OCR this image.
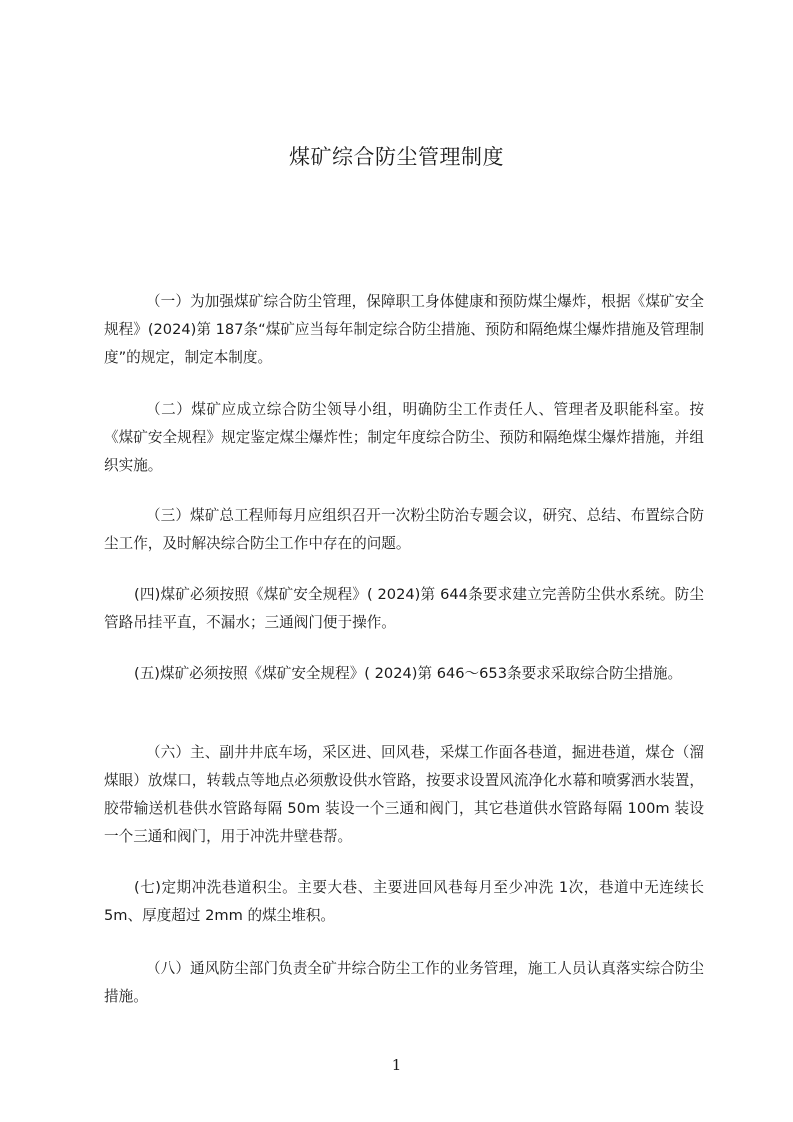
煤矿综合防尘管理制度

（一）为加强煤矿综合防尘管理，保障职工身体健康和预防煤尘爆炸，根据《煤矿安全规程》(2024)第 187条“煤矿应当每年制定综合防尘措施、预防和隔绝煤尘爆炸措施及管理制度”的规定，制定本制度。

（二）煤矿应成立综合防尘领导小组，明确防尘工作责任人、管理者及职能科室。按《煤矿安全规程》规定鉴定煤尘爆炸性；制定年度综合防尘、预防和隔绝煤尘爆炸措施，并组织实施。

（三）煤矿总工程师每月应组织召开一次粉尘防治专题会议，研究、总结、布置综合防尘工作，及时解决综合防尘工作中存在的问题。

(四)煤矿必须按照《煤矿安全规程》( 2024)第 644条要求建立完善防尘供水系统。防尘管路吊挂平直，不漏水；三通阀门便于操作。

(五)煤矿必须按照《煤矿安全规程》( 2024)第 646～653条要求采取综合防尘措施。

（六）主、副井井底车场，采区进、回风巷，采煤工作面各巷道，掘进巷道，煤仓（溜煤眼）放煤口，转载点等地点必须敷设供水管路，按要求设置风流净化水幕和喷雾洒水装置，胶带输送机巷供水管路每隔 50m 装设一个三通和阀门，其它巷道供水管路每隔 100m 装设一个三通和阀门，用于冲洗井壁巷帮。

(七)定期冲洗巷道积尘。主要大巷、主要进回风巷每月至少冲洗 1次，巷道中无连续长 5m、厚度超过 2mm 的煤尘堆积。

（八）通风防尘部门负责全矿井综合防尘工作的业务管理，施工人员认真落实综合防尘措施。

1
